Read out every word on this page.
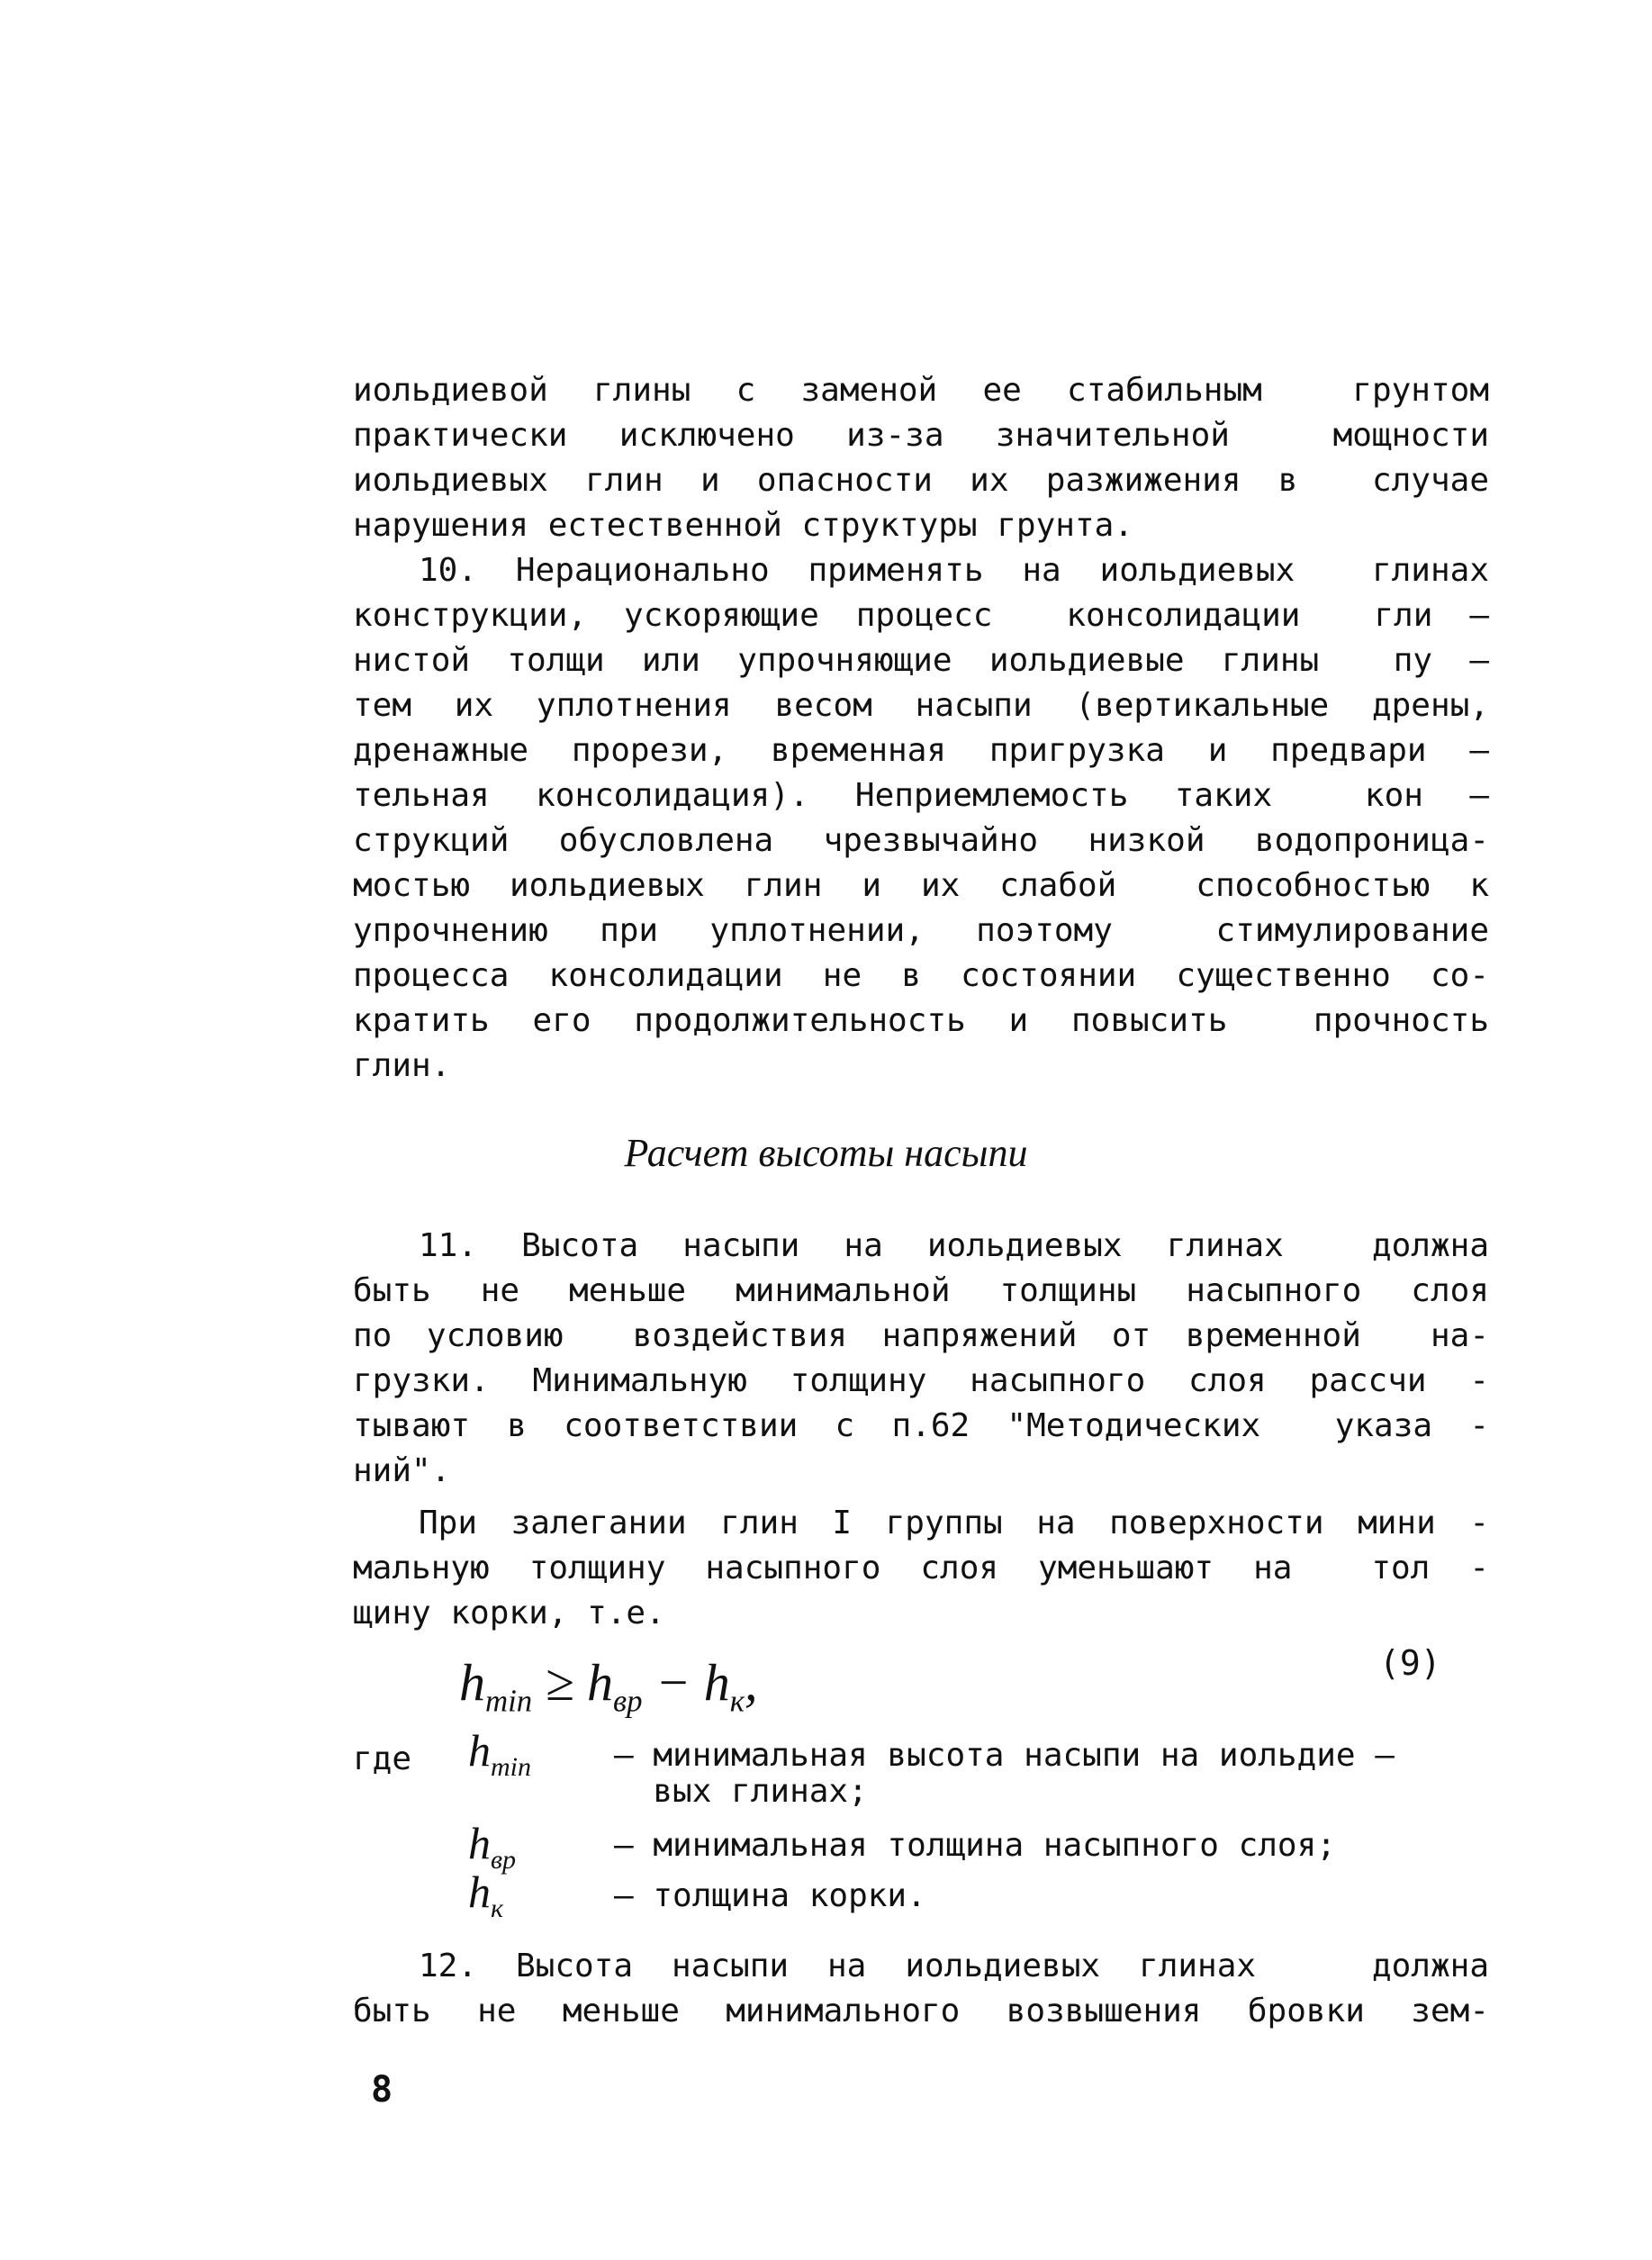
иольдиевой глины с заменой ее стабильным  грунтом
практически исключено из-за значительной  мощности
иольдиевых глин и опасности их разжижения в  случае
нарушения естественной структуры грунта.
10. Нерационально применять на иольдиевых  глинах
конструкции, ускоряющие процесс  консолидации  гли –
нистой толщи или упрочняющие иольдиевые глины  пу –
тем их уплотнения весом насыпи (вертикальные дрены,
дренажные прорези, временная пригрузка и предвари –
тельная консолидация). Неприемлемость таких  кон –
струкций обусловлена чрезвычайно низкой водопроница-
мостью иольдиевых глин и их слабой  способностью к
упрочнению при уплотнении, поэтому  стимулирование
процесса консолидации не в состоянии существенно со-
кратить его продолжительность и повысить  прочность
глин.
Расчет высоты насыпи
11. Высота насыпи на иольдиевых глинах  должна
быть не меньше минимальной толщины насыпного слоя
по условию  воздействия напряжений от временной  на-
грузки. Минимальную толщину насыпного слоя рассчи -
тывают в соответствии с п.62 "Методических  указа -
ний".
При залегании глин I группы на поверхности мини -
мальную толщину насыпного слоя уменьшают на  тол -
щину корки, т.е.
$h_{min} \ge h_{вр} - h_к$,	(9)
где $h_{min}$	– минимальная высота насыпи на иольдие –
вых глинах;
$h_{вр}$	– минимальная толщина насыпного слоя;
$h_к$	– толщина корки.
12. Высота насыпи на иольдиевых глинах   должна
быть не меньше минимального возвышения бровки зем-
8
